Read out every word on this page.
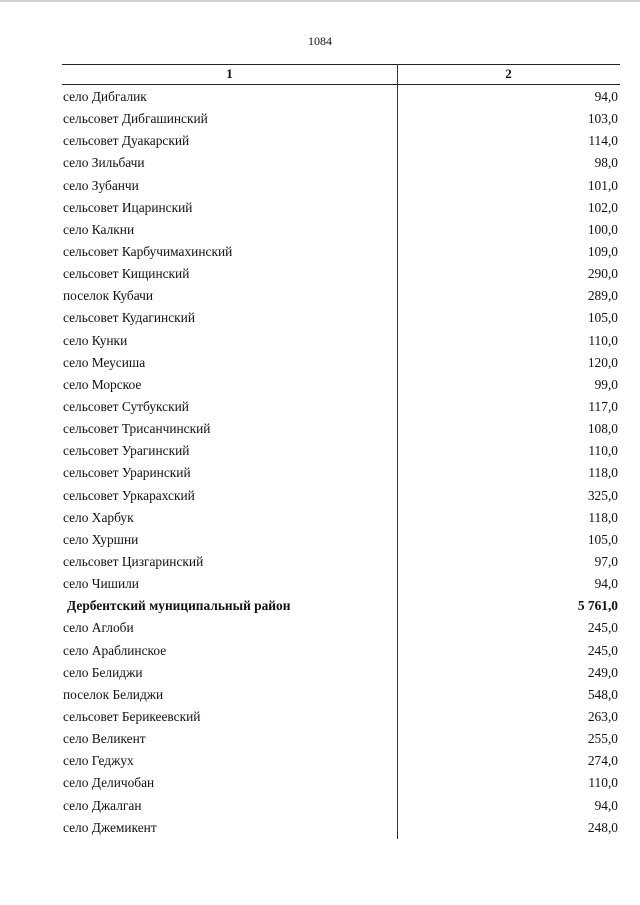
1084
1	2
село Дибгалик	94,0
сельсовет Дибгашинский	103,0
сельсовет Дуакарский	114,0
село Зильбачи	98,0
село Зубанчи	101,0
сельсовет Ицаринский	102,0
село Калкни	100,0
сельсовет Карбучимахинский	109,0
сельсовет Кищинский	290,0
поселок Кубачи	289,0
сельсовет Кудагинский	105,0
село Кунки	110,0
село Меусиша	120,0
село Морское	99,0
сельсовет Сутбукский	117,0
сельсовет Трисанчинский	108,0
сельсовет Урагинский	110,0
сельсовет Ураринский	118,0
сельсовет Уркарахский	325,0
село Харбук	118,0
село Хуршни	105,0
сельсовет Цизгаринский	97,0
село Чишили	94,0
Дербентский муниципальный район	5 761,0
село Аглоби	245,0
село Араблинское	245,0
село Белиджи	249,0
поселок Белиджи	548,0
сельсовет Берикеевский	263,0
село Великент	255,0
село Геджух	274,0
село Деличобан	110,0
село Джалган	94,0
село Джемикент	248,0
